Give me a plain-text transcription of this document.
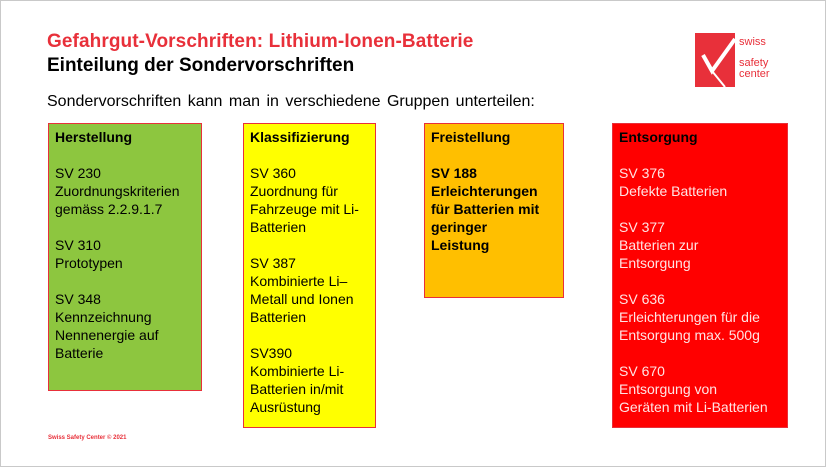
Gefahrgut-Vorschriften: Lithium-Ionen-Batterie
Einteilung der Sondervorschriften
swiss
safety
center
Sondervorschriften kann man in verschiedene Gruppen unterteilen:
Herstellung
SV 230
Zuordnungskriterien
gemäss 2.2.9.1.7
SV 310
Prototypen
SV 348
Kennzeichnung
Nennenergie auf
Batterie
Klassifizierung
SV 360
Zuordnung für
Fahrzeuge mit Li-
Batterien
SV 387
Kombinierte Li–
Metall und Ionen
Batterien
SV390
Kombinierte Li-
Batterien in/mit
Ausrüstung
Freistellung
SV 188
Erleichterungen
für Batterien mit
geringer
Leistung
Entsorgung
SV 376
Defekte Batterien
SV 377
Batterien zur
Entsorgung
SV 636
Erleichterungen für die
Entsorgung max. 500g
SV 670
Entsorgung von
Geräten mit Li-Batterien
Swiss Safety Center © 2021
